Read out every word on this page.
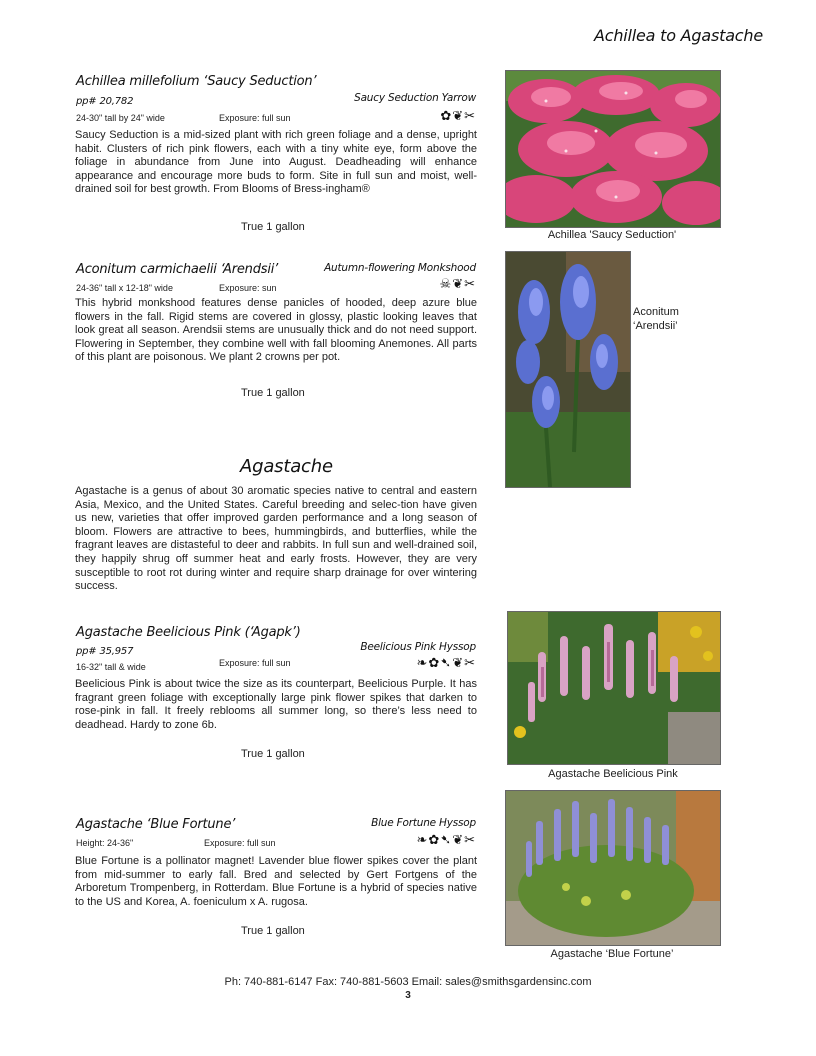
Achillea to Agastache
Achillea millefolium ‘Saucy Seduction’
pp# 20,782	Saucy Seduction Yarrow
✿❦✂
24-30" tall by 24" wide	Exposure: full sun
Saucy Seduction is a mid-sized plant with rich green foliage and a dense, upright habit. Clusters of rich pink flowers, each with a tiny white eye, form above the foliage in abundance from June into August. Deadheading will enhance appearance and encourage more buds to form. Site in full sun and moist, well-drained soil for best growth. From Blooms of Bress-ingham®
True 1 gallon
Achillea 'Saucy Seduction'
Aconitum carmichaelii ‘Arendsii’	Autumn-flowering Monkshood
☠❦✂
24-36" tall x 12-18" wide	Exposure: sun
This hybrid monkshood features dense panicles of hooded, deep azure blue flowers in the fall. Rigid stems are covered in glossy, plastic looking leaves that look great all season. Arendsii stems are unusually thick and do not need support. Flowering in September, they combine well with fall blooming Anemones. All parts of this plant are poisonous. We plant 2 crowns per pot.
True 1 gallon
Aconitum
‘Arendsii’
Agastache
Agastache is a genus of about 30 aromatic species native to central and eastern Asia, Mexico, and the United States. Careful breeding and selec-tion have given us new, varieties that offer improved garden performance and a long season of bloom. Flowers are attractive to bees, hummingbirds, and butterflies, while the fragrant leaves are distasteful to deer and rabbits. In full sun and well-drained soil, they happily shrug off summer heat and early frosts. However, they are very susceptible to root rot during winter and require sharp drainage for over wintering success.
Agastache Beelicious Pink (‘Agapk’)
pp# 35,957	Beelicious Pink Hyssop
❧✿➷❦✂
16-32" tall & wide	Exposure: full sun
Beelicious Pink is about twice the size as its counterpart, Beelicious Purple. It has fragrant green foliage with exceptionally large pink flower spikes that darken to rose-pink in fall. It freely reblooms all summer long, so there’s less need to deadhead. Hardy to zone 6b.
True 1 gallon
Agastache Beelicious Pink
Agastache ‘Blue Fortune’	Blue Fortune Hyssop
❧✿➷❦✂
Height: 24-36"	Exposure: full sun
Blue Fortune is a pollinator magnet! Lavender blue flower spikes cover the plant from mid-summer to early fall. Bred and selected by Gert Fortgens of the Arboretum Trompenberg, in Rotterdam. Blue Fortune is a hybrid of species native to the US and Korea, A. foeniculum x A. rugosa.
True 1 gallon
Agastache ‘Blue Fortune’
Ph: 740-881-6147 Fax: 740-881-5603 Email: sales@smithsgardensinc.com
3
